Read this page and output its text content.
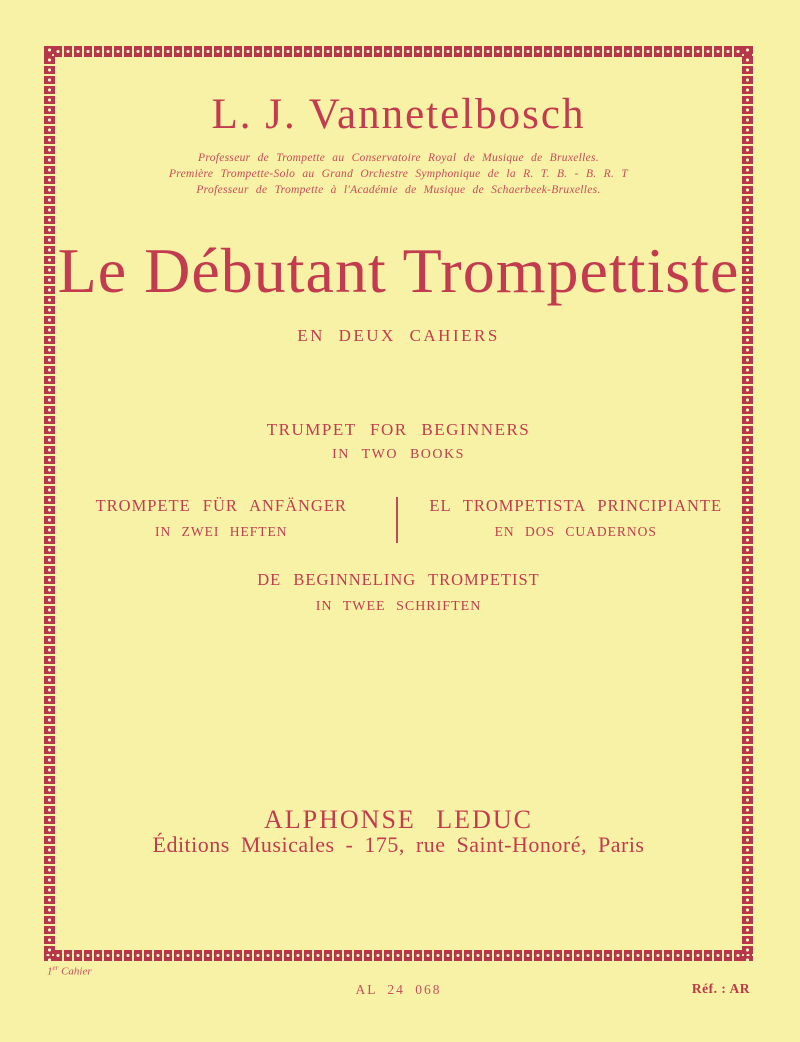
L. J. Vannetelbosch
Professeur de Trompette au Conservatoire Royal de Musique de Bruxelles.
Première Trompette-Solo au Grand Orchestre Symphonique de la R. T. B. - B. R. T
Professeur de Trompette à l'Académie de Musique de Schaerbeek-Bruxelles.
Le Débutant Trompettiste
EN DEUX CAHIERS
TRUMPET FOR BEGINNERS
IN TWO BOOKS
TROMPETE FÜR ANFÄNGER
IN ZWEI HEFTEN
EL TROMPETISTA PRINCIPIANTE
EN DOS CUADERNOS
DE BEGINNELING TROMPETIST
IN TWEE SCHRIFTEN
ALPHONSE LEDUC
Éditions Musicales - 175, rue Saint-Honoré, Paris
1er Cahier
AL 24 068	Réf. : AR
